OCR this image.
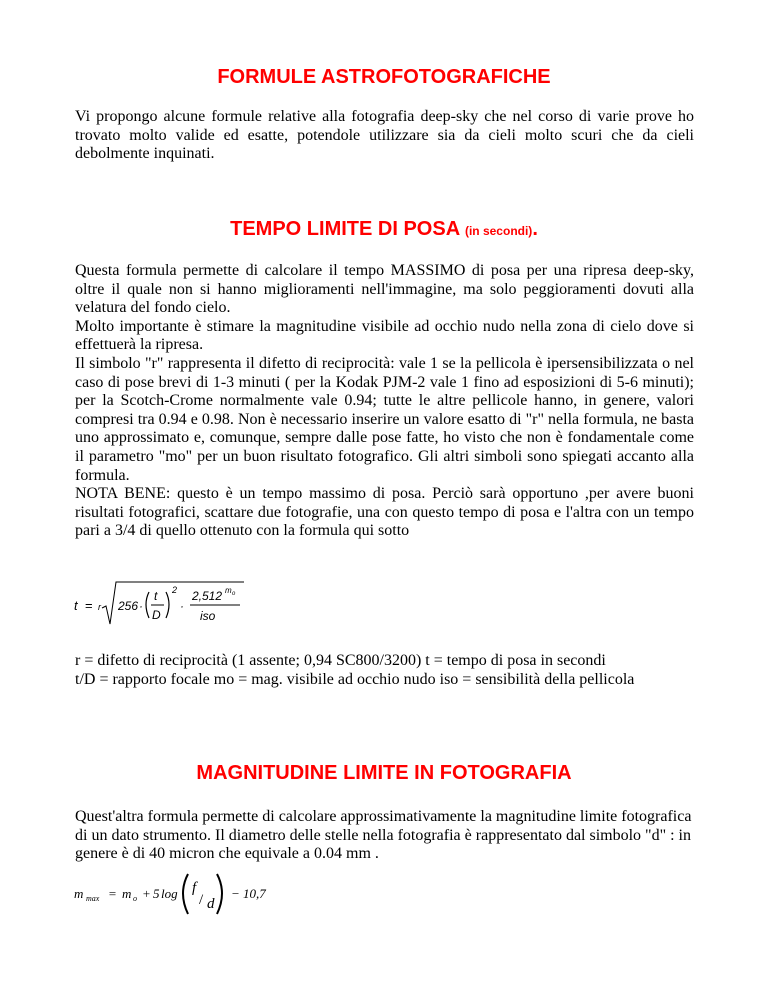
FORMULE ASTROFOTOGRAFICHE

Vi propongo alcune formule relative alla fotografia deep-sky che nel corso di varie prove ho trovato molto valide ed esatte, potendole utilizzare sia da cieli molto scuri che da cieli debolmente inquinati.

TEMPO LIMITE DI POSA (in secondi).
Questa formula permette di calcolare il tempo MASSIMO di posa per una ripresa deep-sky, oltre il quale non si hanno miglioramenti nell'immagine, ma solo peggioramenti dovuti alla velatura del fondo cielo.
Molto importante è stimare la magnitudine visibile ad occhio nudo nella zona di cielo dove si effettuerà la ripresa.
Il simbolo "r" rappresenta il difetto di reciprocità: vale 1 se la pellicola è ipersensibilizzata o nel caso di pose brevi di 1-3 minuti ( per la Kodak PJM-2 vale 1 fino ad esposizioni di 5-6 minuti); per la Scotch-Crome normalmente vale 0.94; tutte le altre pellicole hanno, in genere, valori compresi tra 0.94 e 0.98. Non è necessario inserire un valore esatto di "r" nella formula, ne basta uno approssimato e, comunque, sempre dalle pose fatte, ho visto che non è fondamentale come il parametro "mo" per un buon risultato fotografico. Gli altri simboli sono spiegati accanto alla formula.
NOTA BENE: questo è un tempo massimo di posa. Perciò sarà opportuno ,per avere buoni risultati fotografici, scattare due fotografie, una con questo tempo di posa e l'altra con un tempo pari a 3/4 di quello ottenuto con la formula qui sotto
t = r 256 ·
t
D
2
·
2,512 m o
iso
r = difetto di reciprocità (1 assente; 0,94 SC800/3200) t = tempo di posa in secondi
t/D = rapporto focale mo = mag. visibile ad occhio nudo iso = sensibilità della pellicola
MAGNITUDINE LIMITE IN FOTOGRAFIA

Quest'altra formula permette di calcolare approssimativamente la magnitudine limite fotografica di un dato strumento. Il diametro delle stelle nella fotografia è rappresentato dal simbolo "d" : in genere è di 40 micron che equivale a 0.04 mm .

m max = m o + 5 log f
/ d
− 10,7
